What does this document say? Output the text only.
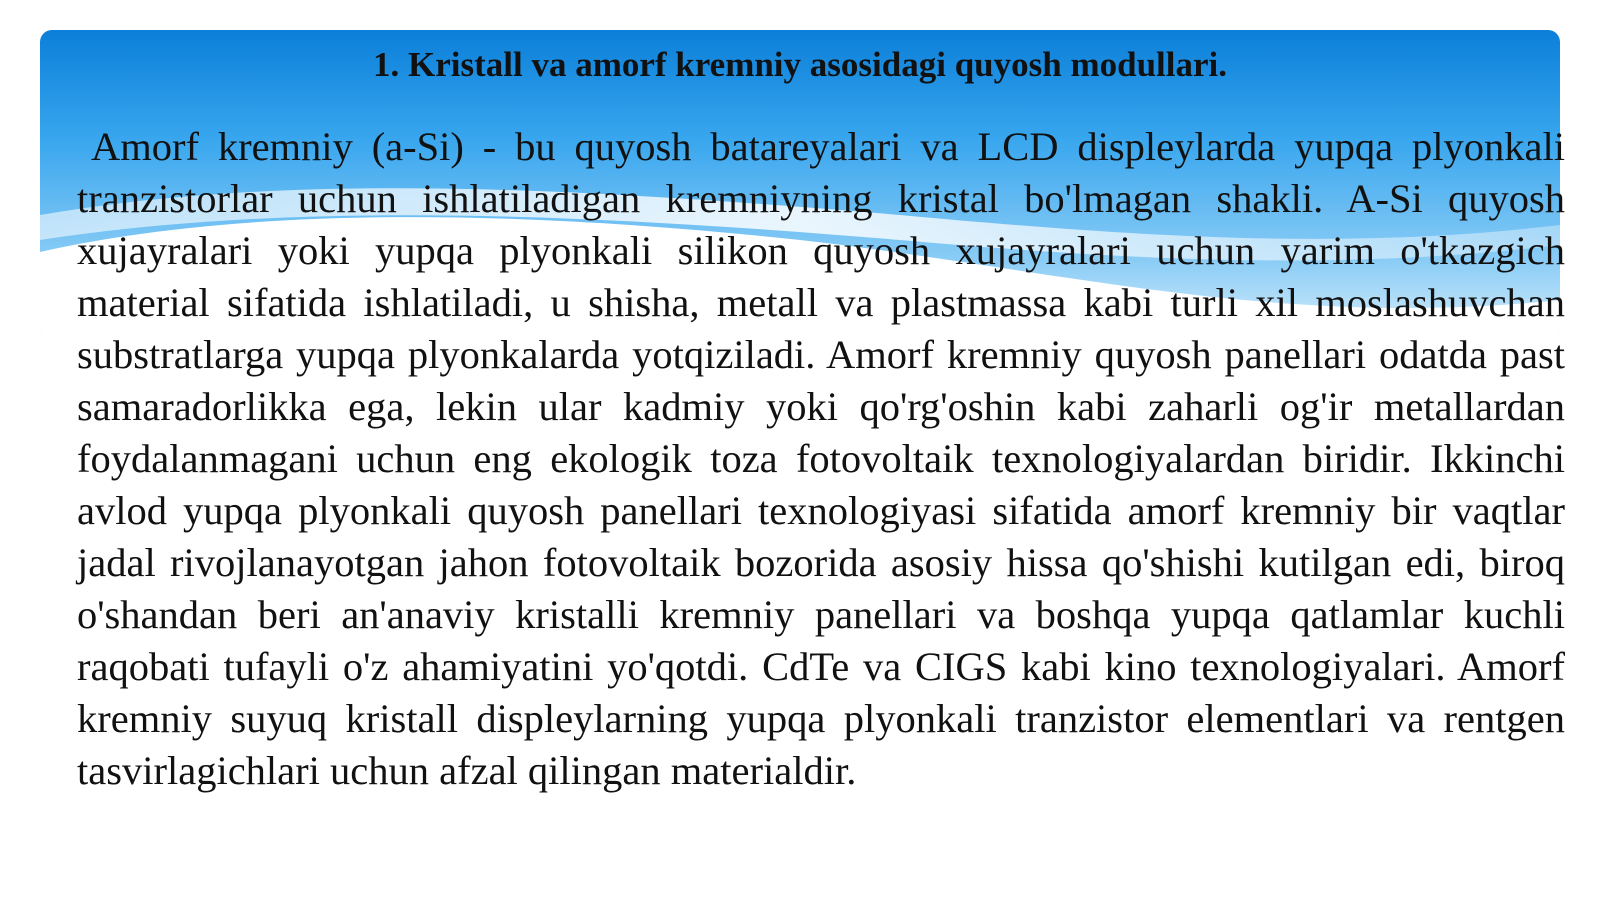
1. Kristall va amorf kremniy asosidagi quyosh modullari.

Amorf kremniy (a-Si) - bu quyosh batareyalari va LCD displeylarda yupqa plyonkali tranzistorlar uchun ishlatiladigan kremniyning kristal bo'lmagan shakli. A-Si quyosh xujayralari yoki yupqa plyonkali silikon quyosh xujayralari uchun yarim o'tkazgich material sifatida ishlatiladi, u shisha, metall va plastmassa kabi turli xil moslashuvchan substratlarga yupqa plyonkalarda yotqiziladi. Amorf kremniy quyosh panellari odatda past samaradorlikka ega, lekin ular kadmiy yoki qo'rg'oshin kabi zaharli og'ir metallardan foydalanmagani uchun eng ekologik toza fotovoltaik texnologiyalardan biridir. Ikkinchi avlod yupqa plyonkali quyosh panellari texnologiyasi sifatida amorf kremniy bir vaqtlar jadal rivojlanayotgan jahon fotovoltaik bozorida asosiy hissa qo'shishi kutilgan edi, biroq o'shandan beri an'anaviy kristalli kremniy panellari va boshqa yupqa qatlamlar kuchli raqobati tufayli o'z ahamiyatini yo'qotdi. CdTe va CIGS kabi kino texnologiyalari. Amorf kremniy suyuq kristall displeylarning yupqa plyonkali tranzistor elementlari va rentgen tasvirlagichlari uchun afzal qilingan materialdir.
